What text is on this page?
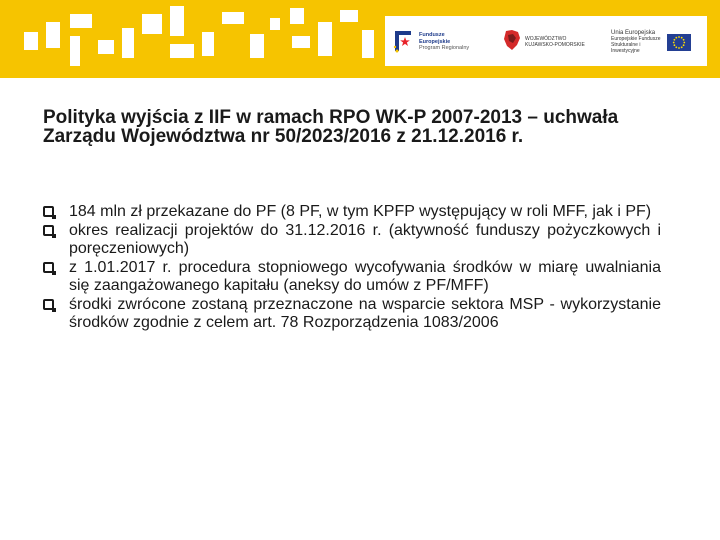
Fundusze
Europejskie
Program Regionalny
WOJEWÓDZTWO
KUJAWSKO-POMORSKIE
Unia Europejska
Europejskie Fundusze
Strukturalne i Inwestycyjne
Polityka wyjścia z IIF w ramach RPO WK-P 2007-2013 – uchwała Zarządu Województwa nr 50/2023/2016 z 21.12.2016 r.
184 mln zł przekazane do PF (8 PF, w tym KPFP występujący w roli MFF, jak i PF)
okres realizacji projektów do 31.12.2016 r. (aktywność funduszy pożyczkowych i poręczeniowych)
z 1.01.2017 r. procedura stopniowego wycofywania środków w miarę uwalniania się zaangażowanego kapitału (aneksy do umów z PF/MFF)
środki zwrócone zostaną przeznaczone na wsparcie sektora MSP - wykorzystanie środków zgodnie z celem art. 78 Rozporządzenia 1083/2006
